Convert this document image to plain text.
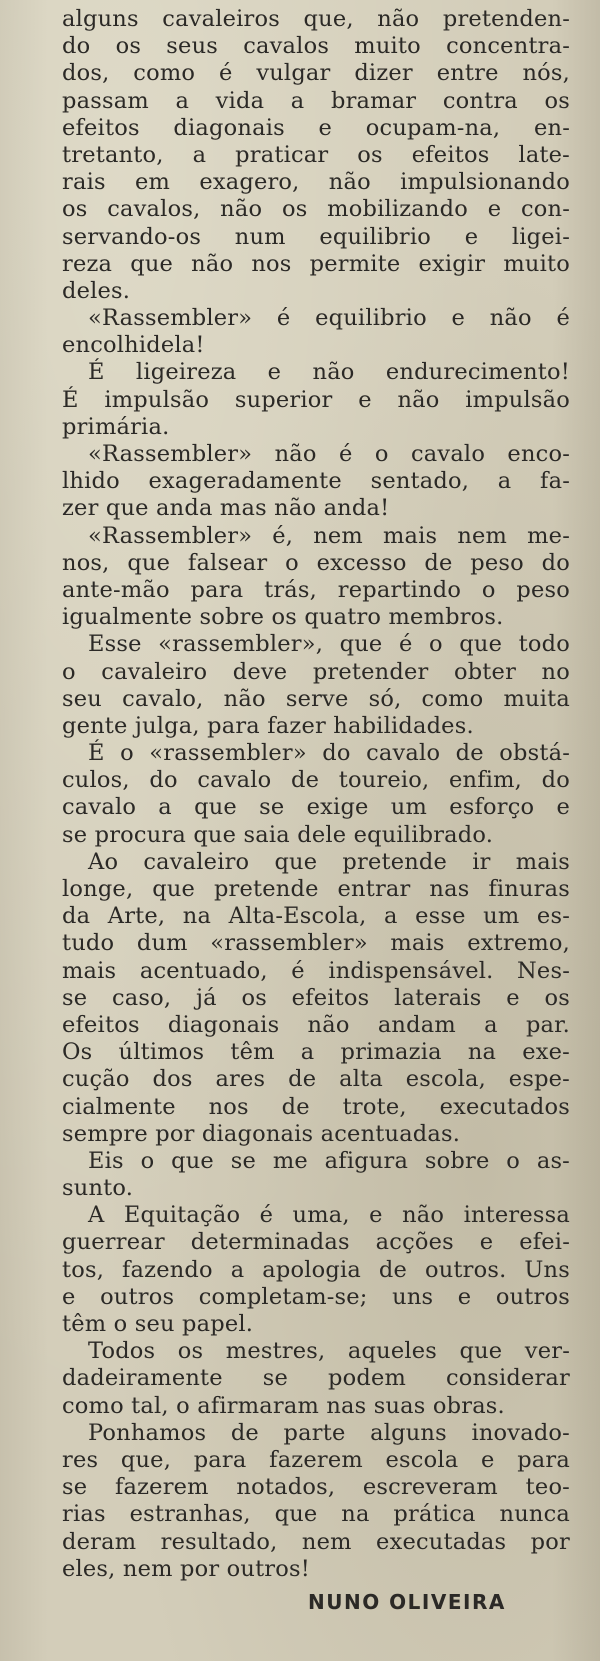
alguns cavaleiros que, não pretenden-
do os seus cavalos muito concentra-
dos, como é vulgar dizer entre nós,
passam a vida a bramar contra os
efeitos diagonais e ocupam-na, en-
tretanto, a praticar os efeitos late-
rais em exagero, não impulsionando
os cavalos, não os mobilizando e con-
servando-os num equilibrio e ligei-
reza que não nos permite exigir muito
deles.
«Rassembler» é equilibrio e não é
encolhidela!
É ligeireza e não endurecimento!
É impulsão superior e não impulsão
primária.
«Rassembler» não é o cavalo enco-
lhido exageradamente sentado, a fa-
zer que anda mas não anda!
«Rassembler» é, nem mais nem me-
nos, que falsear o excesso de peso do
ante-mão para trás, repartindo o peso
igualmente sobre os quatro membros.
Esse «rassembler», que é o que todo
o cavaleiro deve pretender obter no
seu cavalo, não serve só, como muita
gente julga, para fazer habilidades.
É o «rassembler» do cavalo de obstá-
culos, do cavalo de toureio, enfim, do
cavalo a que se exige um esforço e
se procura que saia dele equilibrado.
Ao cavaleiro que pretende ir mais
longe, que pretende entrar nas finuras
da Arte, na Alta-Escola, a esse um es-
tudo dum «rassembler» mais extremo,
mais acentuado, é indispensável. Nes-
se caso, já os efeitos laterais e os
efeitos diagonais não andam a par.
Os últimos têm a primazia na exe-
cução dos ares de alta escola, espe-
cialmente nos de trote, executados
sempre por diagonais acentuadas.
Eis o que se me afigura sobre o as-
sunto.
A Equitação é uma, e não interessa
guerrear determinadas acções e efei-
tos, fazendo a apologia de outros. Uns
e outros completam-se; uns e outros
têm o seu papel.
Todos os mestres, aqueles que ver-
dadeiramente se podem considerar
como tal, o afirmaram nas suas obras.
Ponhamos de parte alguns inovado-
res que, para fazerem escola e para
se fazerem notados, escreveram teo-
rias estranhas, que na prática nunca
deram resultado, nem executadas por
eles, nem por outros!
NUNO OLIVEIRA
